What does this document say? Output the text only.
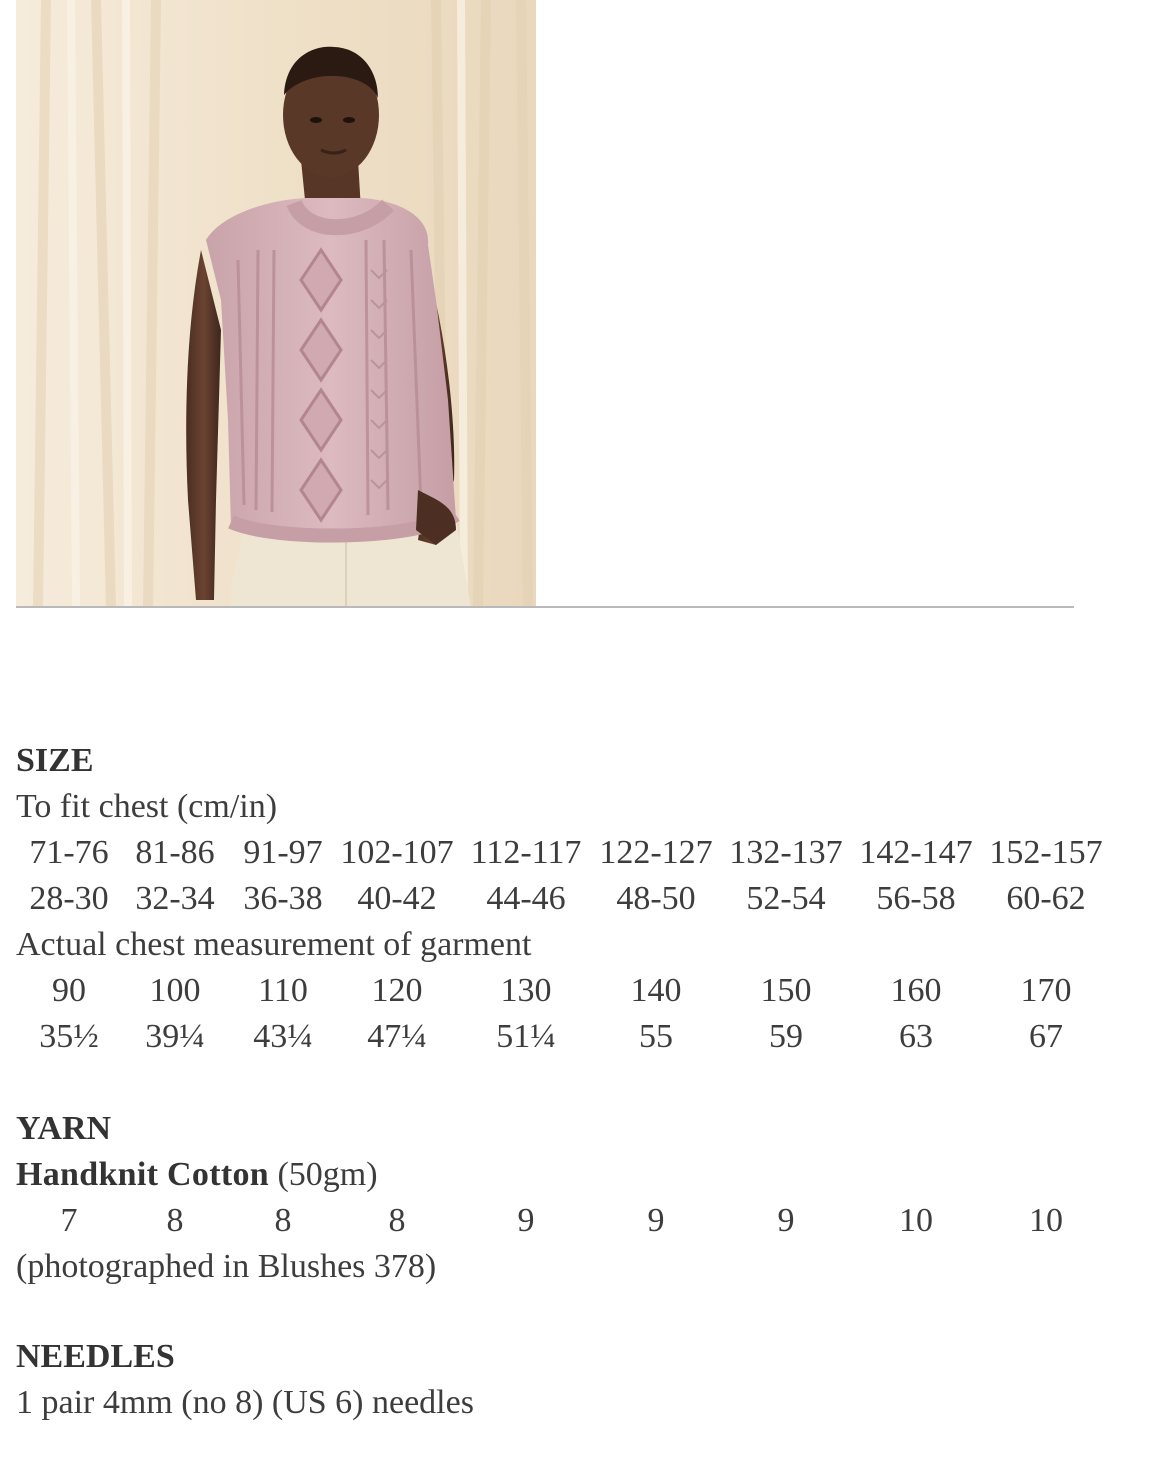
SIZE
To fit chest (cm/in)
71-76 81-86 91-97 102-107 112-117 122-127 132-137 142-147 152-157
28-30 32-34 36-38 40-42 44-46 48-50 52-54 56-58 60-62
Actual chest measurement of garment
90 100 110 120 130 140 150 160 170
35½ 39¼ 43¼ 47¼ 51¼ 55	59	63	67
YARN
Handknit Cotton (50gm)
7	8	8	8	9	9	9	10	10
(photographed in Blushes 378)
NEEDLES
1 pair 4mm (no 8) (US 6) needles
